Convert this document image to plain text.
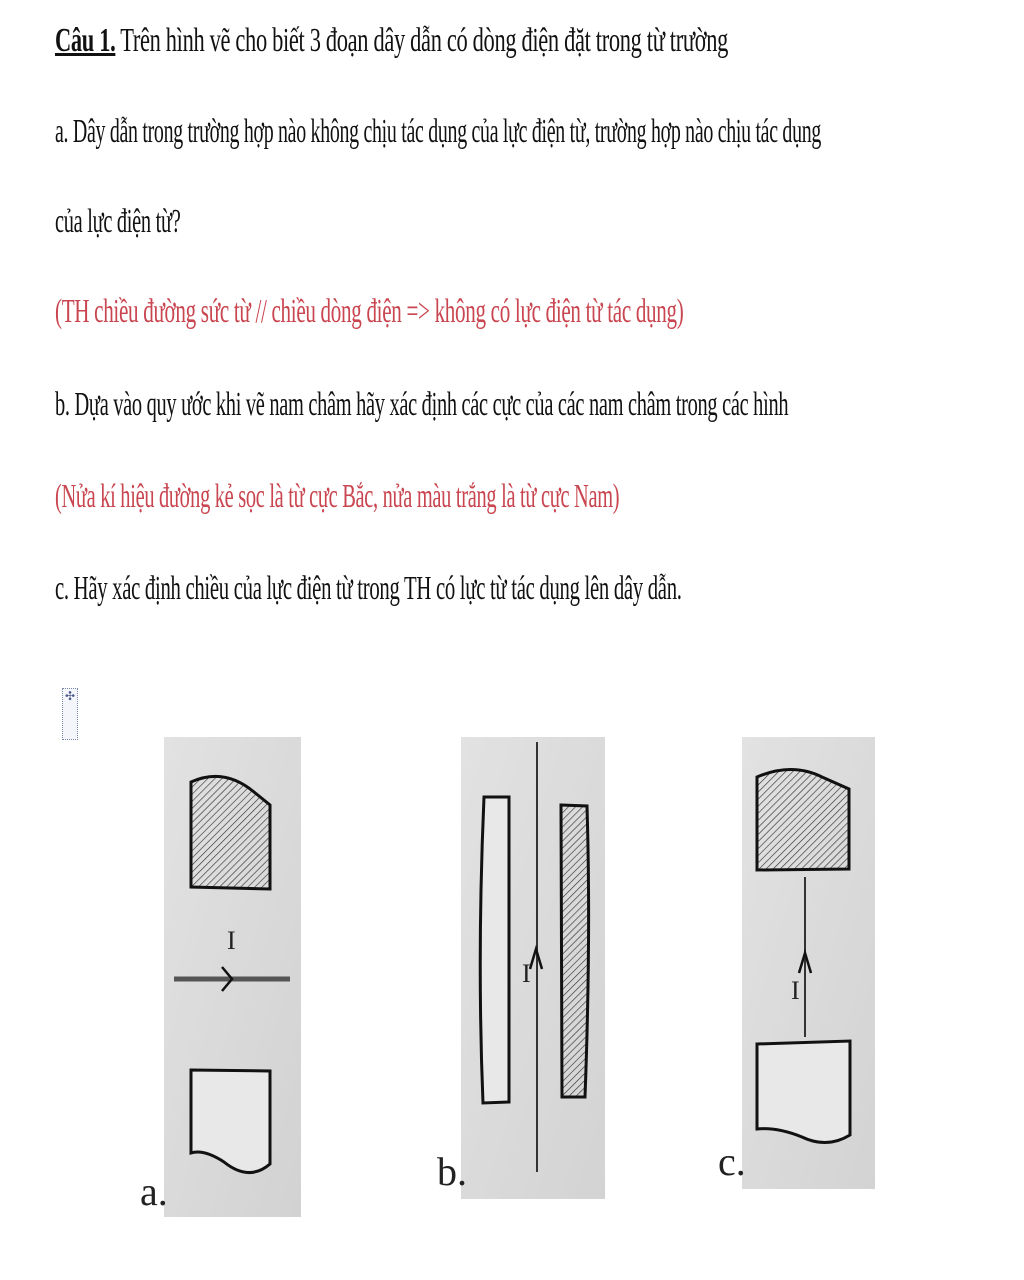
Câu 1. Trên hình vẽ cho biết 3 đoạn dây dẫn có dòng điện đặt trong từ trường
a. Dây dẫn trong trường hợp nào không chịu tác dụng của lực điện từ, trường hợp nào chịu tác dụng
của lực điện từ?
(TH chiều đường sức từ // chiều dòng điện => không có lực điện từ tác dụng)
b. Dựa vào quy ước khi vẽ nam châm hãy xác định các cực của các nam châm trong các hình
(Nửa kí hiệu đường kẻ sọc là từ cực Bắc, nửa màu trắng là từ cực Nam)
c. Hãy xác định chiều của lực điện từ trong TH có lực từ tác dụng lên dây dẫn.
✣
I
a.
I
b.
I
c.
